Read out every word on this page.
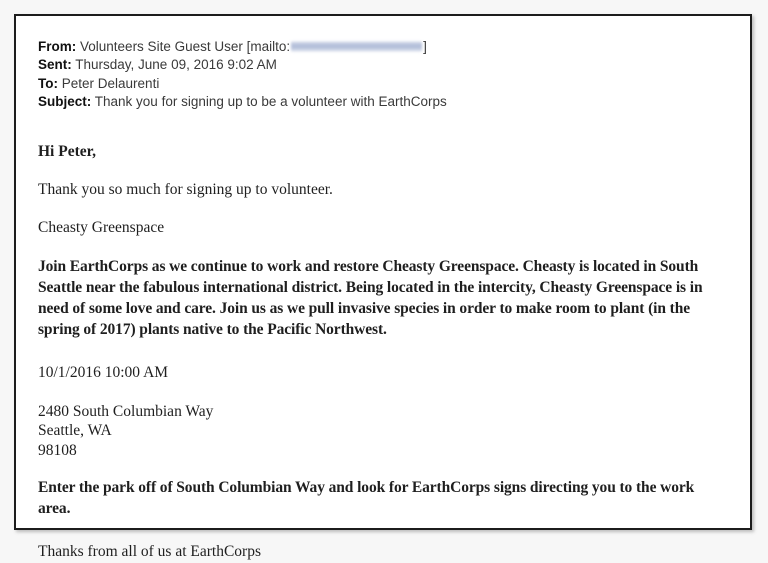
From: Volunteers Site Guest User [mailto:	]
Sent: Thursday, June 09, 2016 9:02 AM
To: Peter Delaurenti
Subject: Thank you for signing up to be a volunteer with EarthCorps

Hi Peter,

Thank you so much for signing up to volunteer.

Cheasty Greenspace

Join EarthCorps as we continue to work and restore Cheasty Greenspace. Cheasty is located in South Seattle near the fabulous international district. Being located in the intercity, Cheasty Greenspace is in need of some love and care. Join us as we pull invasive species in order to make room to plant (in the spring of 2017) plants native to the Pacific Northwest.

10/1/2016 10:00 AM

2480 South Columbian Way
Seattle, WA
98108

Enter the park off of South Columbian Way and look for EarthCorps signs directing you to the work area.

Thanks from all of us at EarthCorps
